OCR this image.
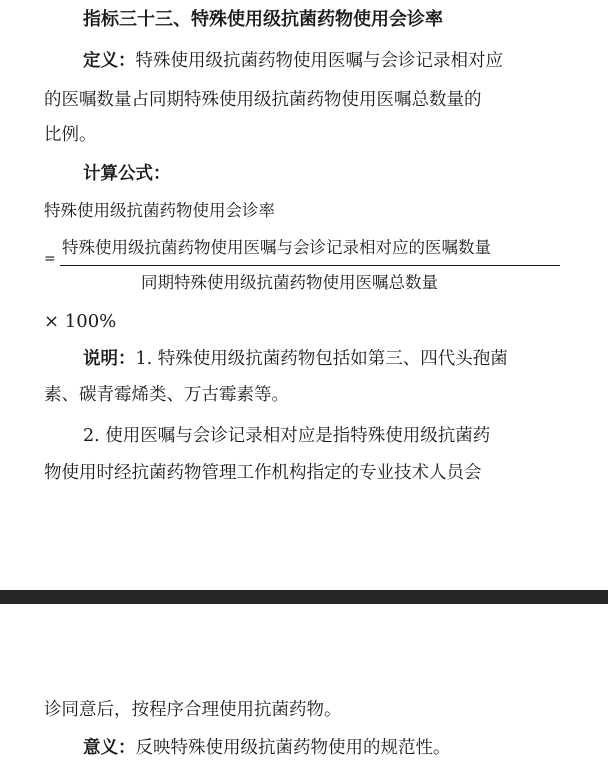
指标三十三、特殊使用级抗菌药物使用会诊率
定义：特殊使用级抗菌药物使用医嘱与会诊记录相对应
的医嘱数量占同期特殊使用级抗菌药物使用医嘱总数量的
比例。
计算公式：
特殊使用级抗菌药物使用会诊率
=
特殊使用级抗菌药物使用医嘱与会诊记录相对应的医嘱数量
同期特殊使用级抗菌药物使用医嘱总数量
× 100%
说明：1. 特殊使用级抗菌药物包括如第三、四代头孢菌
素、碳青霉烯类、万古霉素等。
2. 使用医嘱与会诊记录相对应是指特殊使用级抗菌药
物使用时经抗菌药物管理工作机构指定的专业技术人员会
诊同意后，按程序合理使用抗菌药物。
意义：反映特殊使用级抗菌药物使用的规范性。
